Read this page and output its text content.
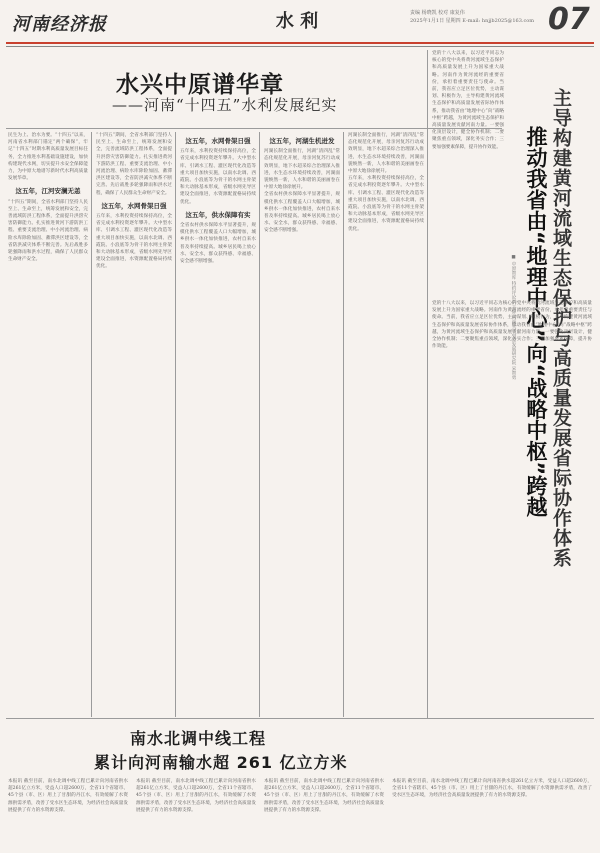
河南经济报	水 利	责编 杨晓凯 校对 康复伟
2025年1月1日 星期四 E-mail: hnjjb2025@163.com 07
水兴中原谱华章
——河南“十四五”水利发展纪实
民生为上、治水为要。“十四五”以来，河南省水利部门锚定“两个确保”，牢记“十四五”时期水利高质量发展目标任务，全力推进水利基础设施建设，加快构建现代水网，切实提升水安全保障能力，为中原大地谱写新时代水利高质量发展华章。
这五年，江河安澜无恙
“十四五”期间，全省水利部门坚持人民至上、生命至上，统筹发展和安全，完善流域防洪工程体系，全面提升洪涝灾害防御能力。扎实推进黄河下游防洪工程、重要支流治理、中小河流治理、病险水库除险加固、蓄滞洪区建设等，全省防洪减灾体系不断完善。先后战胜多轮强降雨和洪水过程，确保了人民群众生命财产安全。
“十四五”期间，全省水利部门坚持人民至上、生命至上，统筹发展和安全，完善流域防洪工程体系，全面提升洪涝灾害防御能力。扎实推进黄河下游防洪工程、重要支流治理、中小河流治理、病险水库除险加固、蓄滞洪区建设等，全省防洪减灾体系不断完善。先后战胜多轮强降雨和洪水过程，确保了人民群众生命财产安全。
这五年，水网骨架日强
五年来，水利投资持续保持高位，全省完成水利投资逐年攀升。大中型水库、引调水工程、灌区现代化改造等重大项目加快实施，以南水北调、西霞院、小浪底等为骨干的水网主骨架和大动脉基本形成，省级水网先导区建设全面推进，水资源配置格局持续优化。
这五年，水网骨架日强
五年来，水利投资持续保持高位，全省完成水利投资逐年攀升。大中型水库、引调水工程、灌区现代化改造等重大项目加快实施，以南水北调、西霞院、小浪底等为骨干的水网主骨架和大动脉基本形成，省级水网先导区建设全面推进，水资源配置格局持续优化。
这五年，供水保障有实
全省农村供水保障水平显著提升，规模化供水工程覆盖人口大幅增加，城乡供水一体化加快推进，农村自来水普及率持续提高。城乡居民喝上放心水、安全水，群众获得感、幸福感、安全感不断增强。
这五年，河湖生机迸发
河湖长制全面推行，河湖“清四乱”常态化规范化开展，母亲河复苏行动成效明显，地下水超采综合治理深入推进，水生态水环境持续改善，河湖面貌焕然一新，人水和谐的美丽画卷在中原大地徐徐展开。
全省农村供水保障水平显著提升，规模化供水工程覆盖人口大幅增加，城乡供水一体化加快推进，农村自来水普及率持续提高。城乡居民喝上放心水、安全水，群众获得感、幸福感、安全感不断增强。
河湖长制全面推行，河湖“清四乱”常态化规范化开展，母亲河复苏行动成效明显，地下水超采综合治理深入推进，水生态水环境持续改善，河湖面貌焕然一新，人水和谐的美丽画卷在中原大地徐徐展开。
五年来，水利投资持续保持高位，全省完成水利投资逐年攀升。大中型水库、引调水工程、灌区现代化改造等重大项目加快实施，以南水北调、西霞院、小浪底等为骨干的水网主骨架和大动脉基本形成，省级水网先导区建设全面推进，水资源配置格局持续优化。	主导构建黄河流域生态保护与高质量发展省际协作体系
推动我省由“地理中心”向“战略中枢”跨越
■ 中原智库 特约评论员 王辉 河南大学中原发展研究院 宋智勇
党的十八大以来，以习近平同志为核心的党中央将黄河流域生态保护和高质量发展上升为国家重大战略。河南作为黄河流经的重要省份，承担着重要责任与使命。当前，我省应立足区位优势，主动谋划、积极作为，主导构建黄河流域生态保护和高质量发展省际协作体系，推动我省由“地理中心”向“战略中枢”跨越，为黄河流域生态保护和高质量发展贡献河南力量。一要强化顶层设计，健全协作机制；二要聚焦重点领域，深化务实合作；三要加强要素保障，提升协作效能。
党的十八大以来，以习近平同志为核心的党中央将黄河流域生态保护和高质量发展上升为国家重大战略。河南作为黄河流经的重要省份，承担着重要责任与使命。当前，我省应立足区位优势，主动谋划、积极作为，主导构建黄河流域生态保护和高质量发展省际协作体系，推动我省由“地理中心”向“战略中枢”跨越，为黄河流域生态保护和高质量发展贡献河南力量。一要强化顶层设计，健全协作机制；二要聚焦重点领域，深化务实合作；三要加强要素保障，提升协作效能。
南水北调中线工程
累计向河南输水超 261 亿立方米
本报讯 截至目前，南水北调中线工程已累计向河南省供水超261亿立方米，受益人口超2600万，全省11个省辖市、45个县（市、区）用上了甘甜的丹江水，有效缓解了水资源供需矛盾，改善了受水区生态环境，为经济社会高质量发展提供了有力的水资源支撑。
本报讯 截至目前，南水北调中线工程已累计向河南省供水超261亿立方米，受益人口超2600万，全省11个省辖市、45个县（市、区）用上了甘甜的丹江水，有效缓解了水资源供需矛盾，改善了受水区生态环境，为经济社会高质量发展提供了有力的水资源支撑。
本报讯 截至目前，南水北调中线工程已累计向河南省供水超261亿立方米，受益人口超2600万，全省11个省辖市、45个县（市、区）用上了甘甜的丹江水，有效缓解了水资源供需矛盾，改善了受水区生态环境，为经济社会高质量发展提供了有力的水资源支撑。
本报讯 截至目前，南水北调中线工程已累计向河南省供水超261亿立方米，受益人口超2600万，全省11个省辖市、45个县（市、区）用上了甘甜的丹江水，有效缓解了水资源供需矛盾，改善了受水区生态环境，为经济社会高质量发展提供了有力的水资源支撑。
